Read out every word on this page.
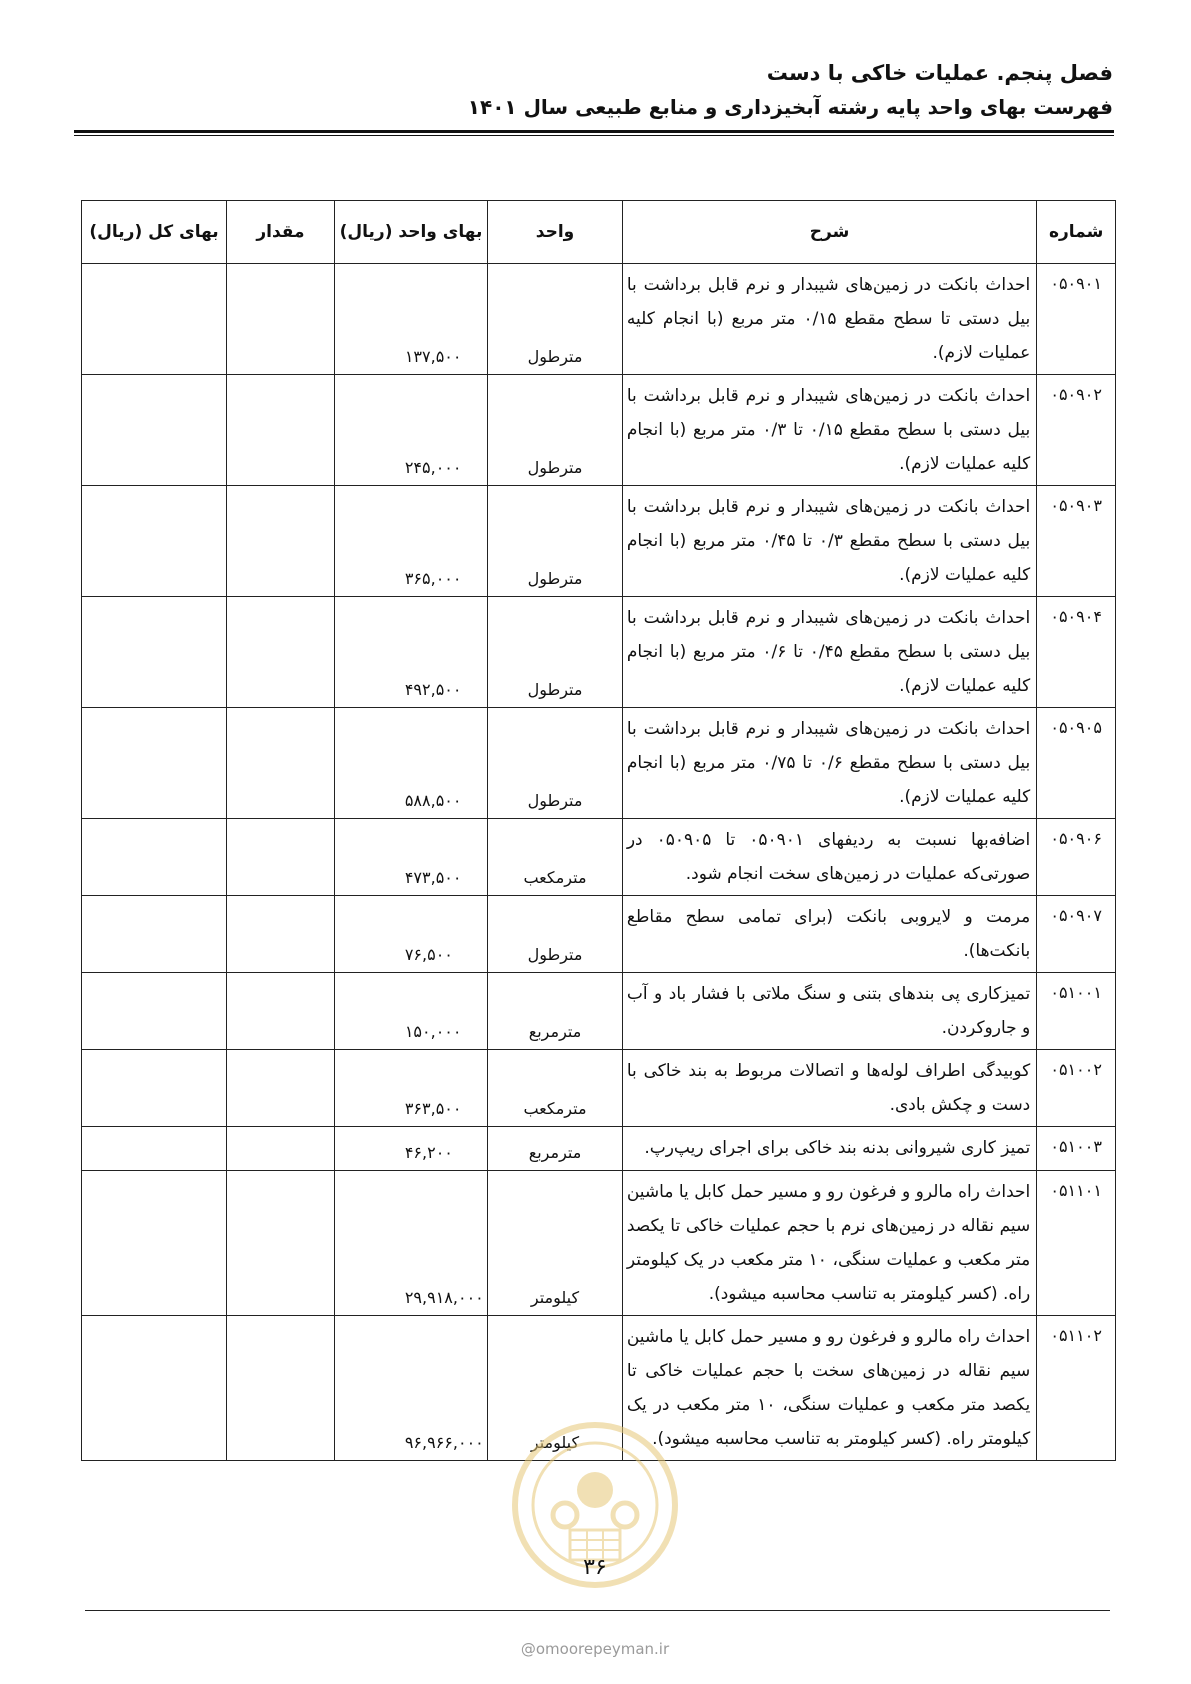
فصل پنجم. عملیات خاکی با دست
فهرست بهای واحد پایه رشته آبخیزداری و منابع طبیعی سال ۱۴۰۱
شماره	شرح	واحد	بهای واحد (ریال)	مقدار	بهای کل (ریال)
۰۵۰۹۰۱	احداث بانکت در زمین‌های شیبدار و نرم قابل برداشت با بیل دستی تا سطح مقطع ۰/۱۵ متر مربع (با انجام کلیه عملیات لازم).	مترطول	۱۳۷,۵۰۰		
۰۵۰۹۰۲	احداث بانکت در زمین‌های شیبدار و نرم قابل برداشت با بیل دستی با سطح مقطع ۰/۱۵ تا ۰/۳ متر مربع (با انجام کلیه عملیات لازم).	مترطول	۲۴۵,۰۰۰		
۰۵۰۹۰۳	احداث بانکت در زمین‌های شیبدار و نرم قابل برداشت با بیل دستی با سطح مقطع ۰/۳ تا ۰/۴۵ متر مربع (با انجام کلیه عملیات لازم).	مترطول	۳۶۵,۰۰۰		
۰۵۰۹۰۴	احداث بانکت در زمین‌های شیبدار و نرم قابل برداشت با بیل دستی با سطح مقطع ۰/۴۵ تا ۰/۶ متر مربع (با انجام کلیه عملیات لازم).	مترطول	۴۹۲,۵۰۰		
۰۵۰۹۰۵	احداث بانکت در زمین‌های شیبدار و نرم قابل برداشت با بیل دستی با سطح مقطع ۰/۶ تا ۰/۷۵ متر مربع (با انجام کلیه عملیات لازم).	مترطول	۵۸۸,۵۰۰		
۰۵۰۹۰۶	اضافه‌بها نسبت به ردیفهای ۰۵۰۹۰۱ تا ۰۵۰۹۰۵ در صورتی‌که عملیات در زمین‌های سخت انجام شود.	مترمکعب	۴۷۳,۵۰۰		
۰۵۰۹۰۷	مرمت و لایروبی بانکت (برای تمامی سطح مقاطع بانکت‌ها).	مترطول	۷۶,۵۰۰		
۰۵۱۰۰۱	تمیزکاری پی بندهای بتنی و سنگ ملاتی با فشار باد و آب و جاروکردن.	مترمربع	۱۵۰,۰۰۰		
۰۵۱۰۰۲	کوبیدگی اطراف لوله‌ها و اتصالات مربوط به بند خاکی با دست و چکش بادی.	مترمکعب	۳۶۳,۵۰۰		
۰۵۱۰۰۳	تمیز کاری شیروانی بدنه بند خاکی برای اجرای ریپ‌رپ.	مترمربع	۴۶,۲۰۰		
۰۵۱۱۰۱	احداث راه مالرو و فرغون رو و مسیر حمل کابل یا ماشین سیم نقاله در زمین‌های نرم با حجم عملیات خاکی تا یکصد متر مکعب و عملیات سنگی، ۱۰ متر مکعب در یک کیلومتر راه. (کسر کیلومتر به تناسب محاسبه میشود).	کیلومتر	۲۹,۹۱۸,۰۰۰		
۰۵۱۱۰۲	احداث راه مالرو و فرغون رو و مسیر حمل کابل یا ماشین سیم نقاله در زمین‌های سخت با حجم عملیات خاکی تا یکصد متر مکعب و عملیات سنگی، ۱۰ متر مکعب در یک کیلومتر راه. (کسر کیلومتر به تناسب محاسبه میشود).	کیلومتر	۹۶,۹۶۶,۰۰۰		
۳۶
@omoorepeyman.ir
